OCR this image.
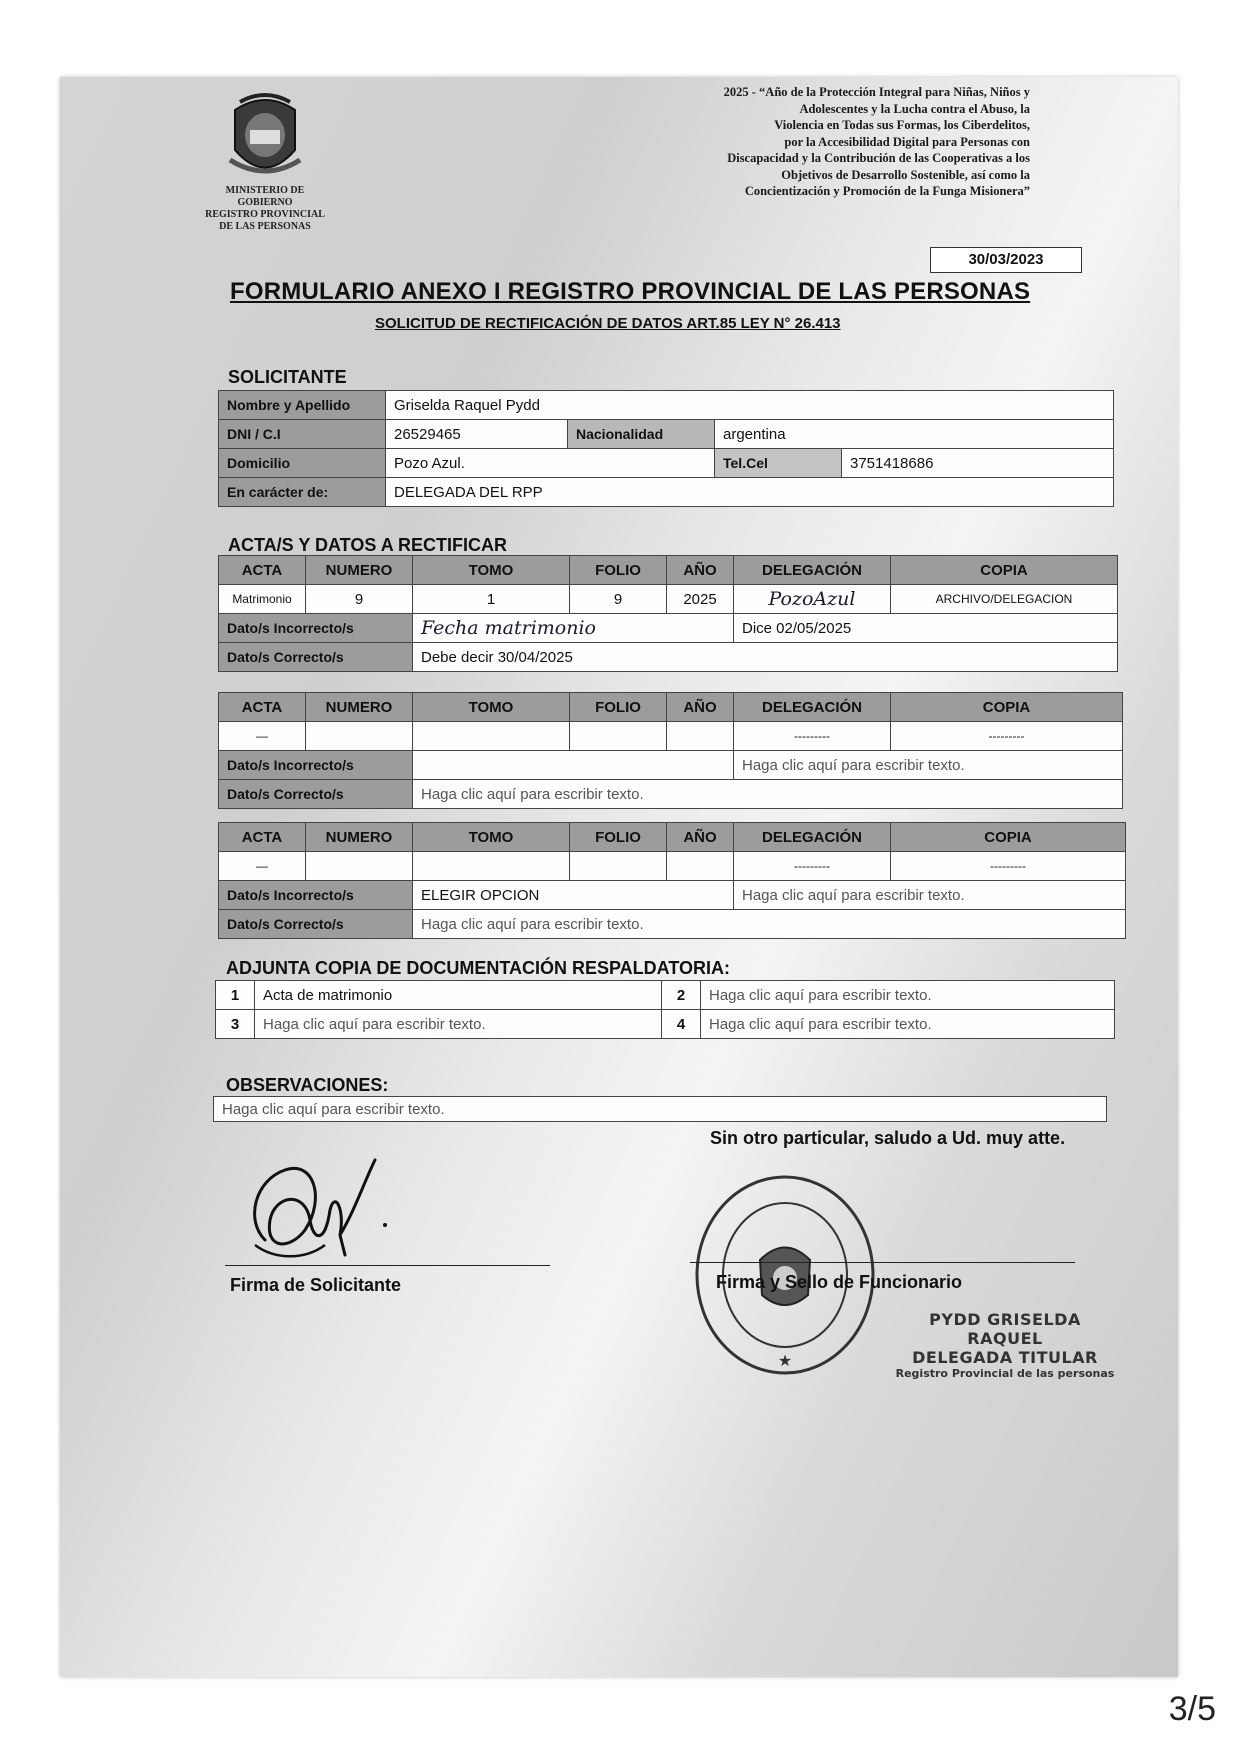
MINISTERIO DE GOBIERNO
REGISTRO PROVINCIAL
DE LAS PERSONAS
2025 - “Año de la Protección Integral para Niñas, Niños y
Adolescentes y la Lucha contra el Abuso, la
Violencia en Todas sus Formas, los Ciberdelitos,
por la Accesibilidad Digital para Personas con
Discapacidad y la Contribución de las Cooperativas a los
Objetivos de Desarrollo Sostenible, así como la
Concientización y Promoción de la Funga Misionera”
30/03/2023
FORMULARIO ANEXO I REGISTRO PROVINCIAL DE LAS PERSONAS
SOLICITUD DE RECTIFICACIÓN DE DATOS ART.85 LEY N° 26.413
SOLICITANTE
Nombre y Apellido	Griselda Raquel Pydd			
DNI / C.I	26529465	Nacionalidad	argentina	
Domicilio	Pozo Azul.		Tel.Cel	3751418686
En carácter de:	DELEGADA DEL RPP			
ACTA/S Y DATOS A RECTIFICAR
ACTA	NUMERO	TOMO	FOLIO	AÑO	DELEGACIÓN	COPIA
Matrimonio	9	1	9	2025	PozoAzul	ARCHIVO/DELEGACION
Dato/s Incorrecto/s		Fecha matrimonio			Dice 02/05/2025	
Dato/s Correcto/s		Debe decir 30/04/2025				
ACTA	NUMERO	TOMO	FOLIO	AÑO	DELEGACIÓN	COPIA
—					---------	---------
Dato/s Incorrecto/s					Haga clic aquí para escribir texto.	
Dato/s Correcto/s		Haga clic aquí para escribir texto.				
ACTA	NUMERO	TOMO	FOLIO	AÑO	DELEGACIÓN	COPIA
—					---------	---------
Dato/s Incorrecto/s		ELEGIR OPCION			Haga clic aquí para escribir texto.	
Dato/s Correcto/s		Haga clic aquí para escribir texto.				
ADJUNTA COPIA DE DOCUMENTACIÓN RESPALDATORIA:
1	Acta de matrimonio	2	Haga clic aquí para escribir texto.
3	Haga clic aquí para escribir texto.	4	Haga clic aquí para escribir texto.
OBSERVACIONES:
Haga clic aquí para escribir texto.
Sin otro particular, saludo a Ud. muy atte.
Firma de Solicitante
★
Firma y Sello de Funcionario
PYDD GRISELDA RAQUEL
DELEGADA TITULAR
Registro Provincial de las personas
3/5
